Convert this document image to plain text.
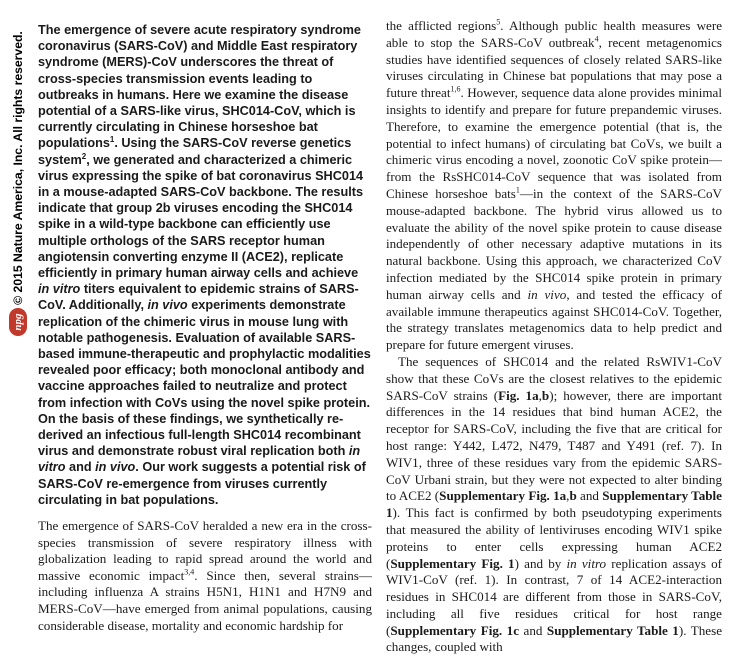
© 2015 Nature America, Inc. All rights reserved.
npg

The emergence of severe acute respiratory syndrome coronavirus (SARS-CoV) and Middle East respiratory syndrome (MERS)-CoV underscores the threat of cross-species transmission events leading to outbreaks in humans. Here we examine the disease potential of a SARS-like virus, SHC014-CoV, which is currently circulating in Chinese horseshoe bat populations$^1$. Using the SARS-CoV reverse genetics system$^2$, we generated and characterized a chimeric virus expressing the spike of bat coronavirus SHC014 in a mouse-adapted SARS-CoV backbone. The results indicate that group 2b viruses encoding the SHC014 spike in a wild-type backbone can efficiently use multiple orthologs of the SARS receptor human angiotensin converting enzyme II (ACE2), replicate efficiently in primary human airway cells and achieve in vitro titers equivalent to epidemic strains of SARS-CoV. Additionally, in vivo experiments demonstrate replication of the chimeric virus in mouse lung with notable pathogenesis. Evaluation of available SARS-based immune-therapeutic and prophylactic modalities revealed poor efficacy; both monoclonal antibody and vaccine approaches failed to neutralize and protect from infection with CoVs using the novel spike protein. On the basis of these findings, we synthetically re-derived an infectious full-length SHC014 recombinant virus and demonstrate robust viral replication both in vitro and in vivo. Our work suggests a potential risk of SARS-CoV re-emergence from viruses currently circulating in bat populations.

The emergence of SARS-CoV heralded a new era in the cross-species transmission of severe respiratory illness with globalization leading to rapid spread around the world and massive economic impact$^{3,4}$. Since then, several strains—including influenza A strains H5N1, H1N1 and H7N9 and MERS-CoV—have emerged from animal populations, causing considerable disease, mortality and economic hardship for

the afflicted regions$^5$. Although public health measures were able to stop the SARS-CoV outbreak$^4$, recent metagenomics studies have identified sequences of closely related SARS-like viruses circulating in Chinese bat populations that may pose a future threat$^{1,6}$. However, sequence data alone provides minimal insights to identify and prepare for future prepandemic viruses. Therefore, to examine the emergence potential (that is, the potential to infect humans) of circulating bat CoVs, we built a chimeric virus encoding a novel, zoonotic CoV spike protein—from the RsSHC014-CoV sequence that was isolated from Chinese horseshoe bats$^1$—in the context of the SARS-CoV mouse-adapted backbone. The hybrid virus allowed us to evaluate the ability of the novel spike protein to cause disease independently of other necessary adaptive mutations in its natural backbone. Using this approach, we characterized CoV infection mediated by the SHC014 spike protein in primary human airway cells and in vivo, and tested the efficacy of available immune therapeutics against SHC014-CoV. Together, the strategy translates metagenomics data to help predict and prepare for future emergent viruses.

The sequences of SHC014 and the related RsWIV1-CoV show that these CoVs are the closest relatives to the epidemic SARS-CoV strains (Fig. 1a,b); however, there are important differences in the 14 residues that bind human ACE2, the receptor for SARS-CoV, including the five that are critical for host range: Y442, L472, N479, T487 and Y491 (ref. 7). In WIV1, three of these residues vary from the epidemic SARS-CoV Urbani strain, but they were not expected to alter binding to ACE2 (Supplementary Fig. 1a,b and Supplementary Table 1). This fact is confirmed by both pseudotyping experiments that measured the ability of lentiviruses encoding WIV1 spike proteins to enter cells expressing human ACE2 (Supplementary Fig. 1) and by in vitro replication assays of WIV1-CoV (ref. 1). In contrast, 7 of 14 ACE2-interaction residues in SHC014 are different from those in SARS-CoV, including all five residues critical for host range (Supplementary Fig. 1c and Supplementary Table 1). These changes, coupled with
